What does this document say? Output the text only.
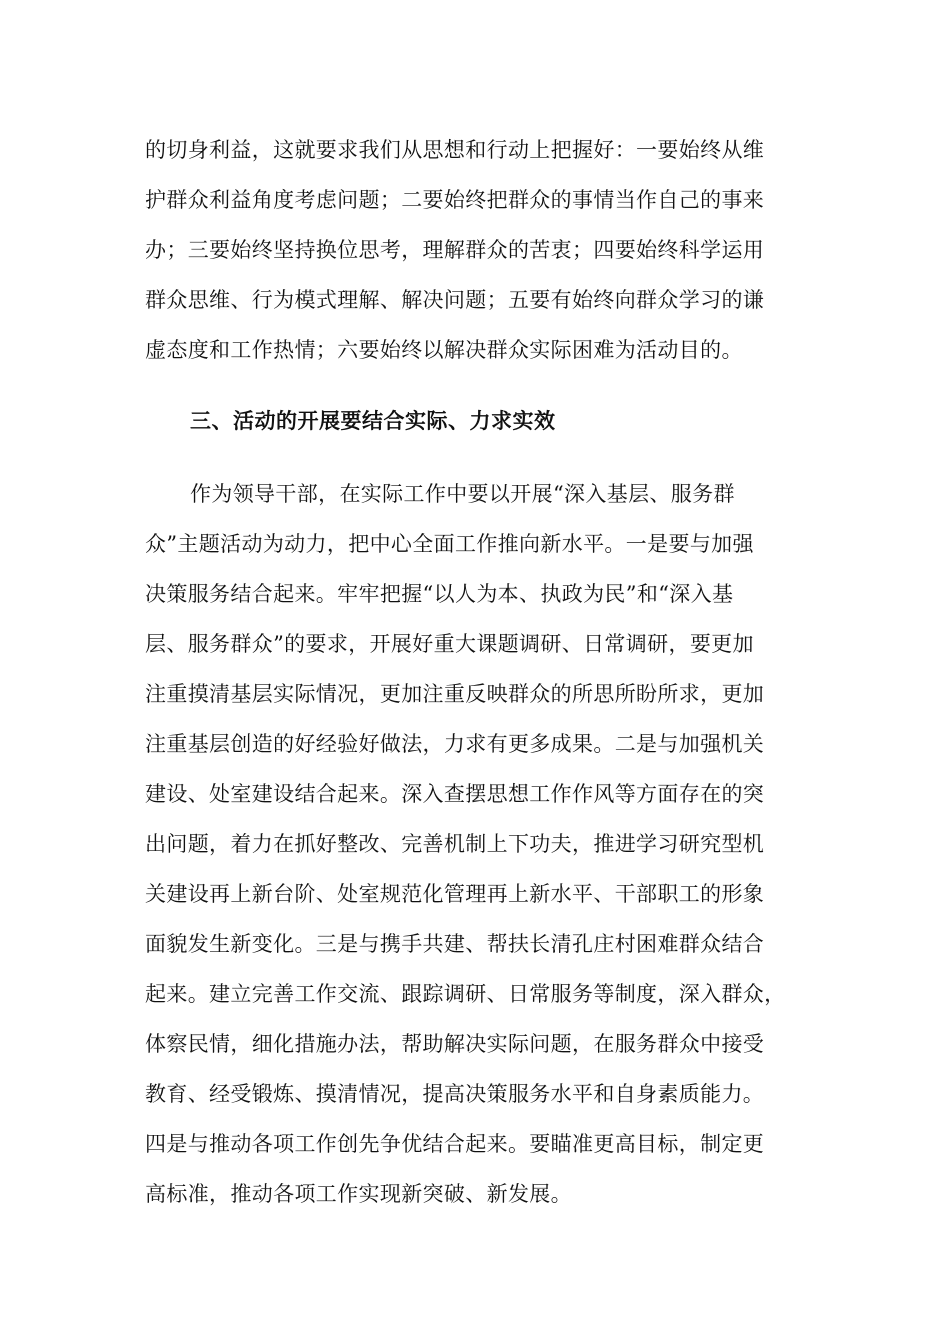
的切身利益，这就要求我们从思想和行动上把握好：一要始终从维
护群众利益角度考虑问题；二要始终把群众的事情当作自己的事来
办；三要始终坚持换位思考，理解群众的苦衷；四要始终科学运用
群众思维、行为模式理解、解决问题；五要有始终向群众学习的谦
虚态度和工作热情；六要始终以解决群众实际困难为活动目的。
三、活动的开展要结合实际、力求实效
作为领导干部，在实际工作中要以开展“深入基层、服务群
众”主题活动为动力，把中心全面工作推向新水平。一是要与加强
决策服务结合起来。牢牢把握“以人为本、执政为民”和“深入基
层、服务群众”的要求，开展好重大课题调研、日常调研，要更加
注重摸清基层实际情况，更加注重反映群众的所思所盼所求，更加
注重基层创造的好经验好做法，力求有更多成果。二是与加强机关
建设、处室建设结合起来。深入查摆思想工作作风等方面存在的突
出问题，着力在抓好整改、完善机制上下功夫，推进学习研究型机
关建设再上新台阶、处室规范化管理再上新水平、干部职工的形象
面貌发生新变化。三是与携手共建、帮扶长清孔庄村困难群众结合
起来。建立完善工作交流、跟踪调研、日常服务等制度，深入群众，
体察民情，细化措施办法，帮助解决实际问题，在服务群众中接受
教育、经受锻炼、摸清情况，提高决策服务水平和自身素质能力。
四是与推动各项工作创先争优结合起来。要瞄准更高目标，制定更
高标准，推动各项工作实现新突破、新发展。
